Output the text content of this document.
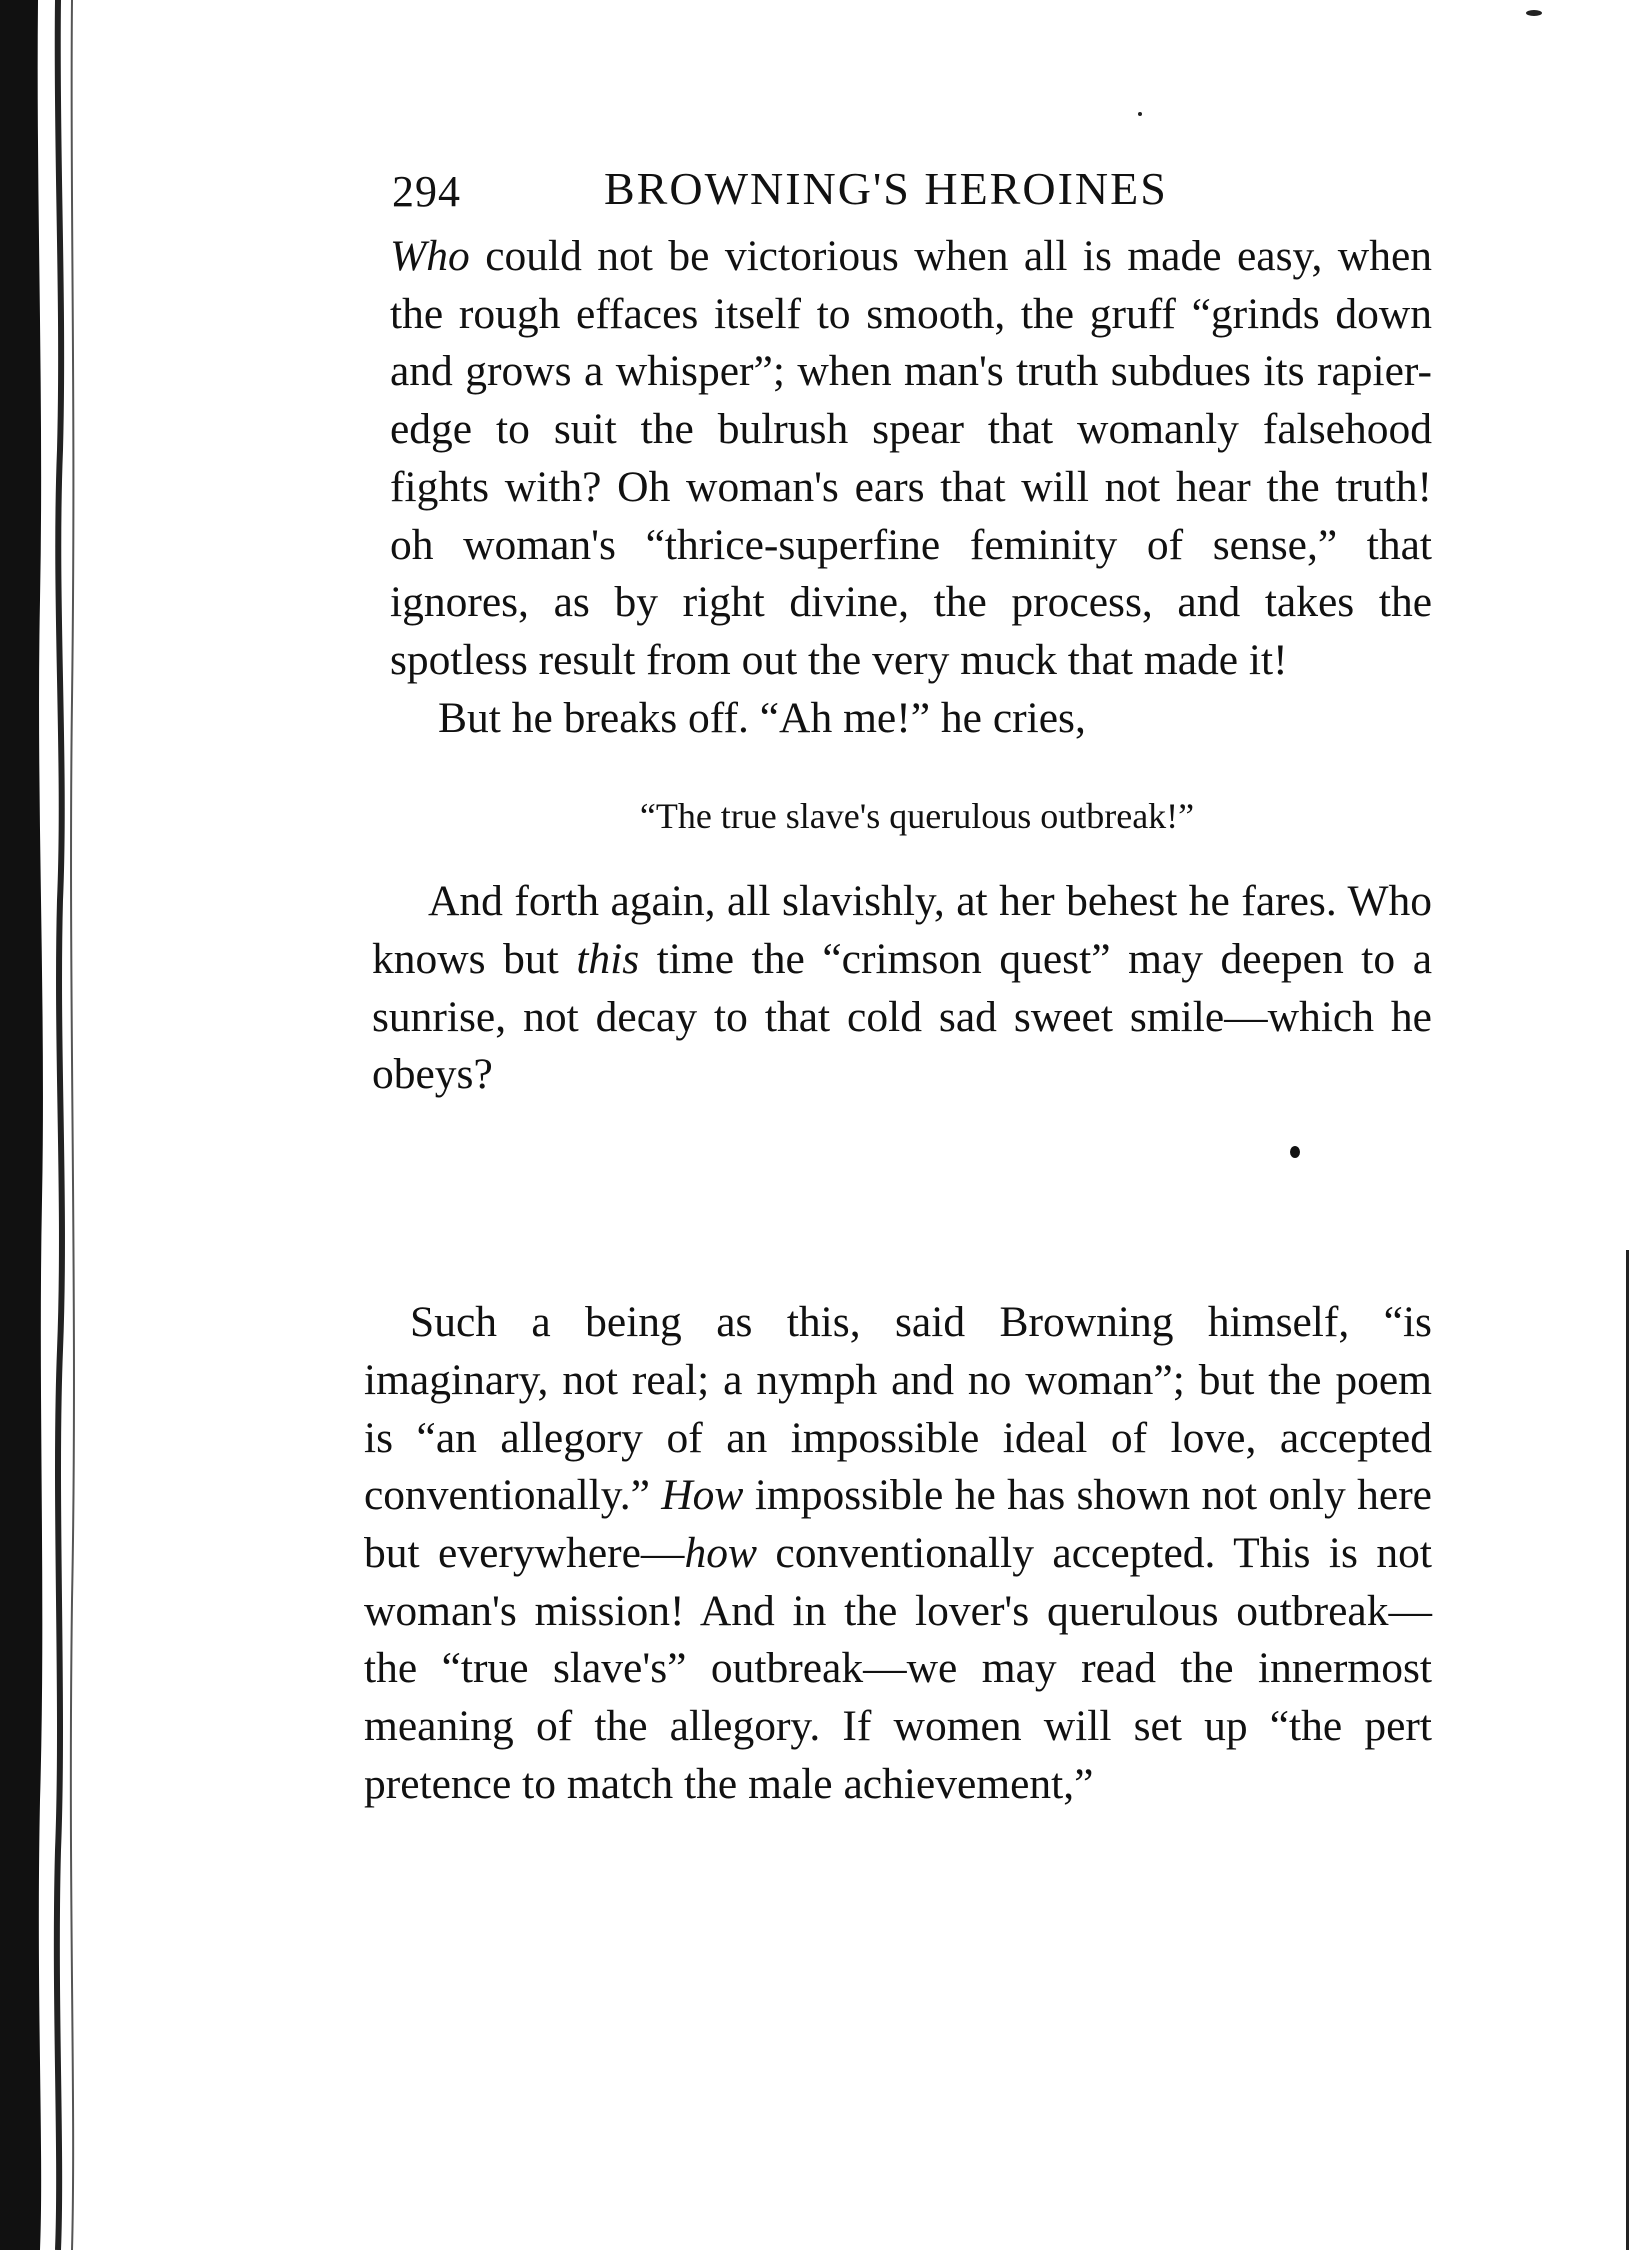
294	BROWNING'S HEROINES

Who could not be victorious when all is made easy, when the rough effaces itself to smooth, the gruff “grinds down and grows a whisper”; when man's truth subdues its rapier-edge to suit the bulrush spear that womanly falsehood fights with? Oh woman's ears that will not hear the truth! oh woman's “thrice-superfine feminity of sense,” that ignores, as by right divine, the process, and takes the spotless result from out the very muck that made it!

But he breaks off. “Ah me!” he cries,

“The true slave's querulous outbreak!”

And forth again, all slavishly, at her behest he fares. Who knows but this time the “crimson quest” may deepen to a sunrise, not decay to that cold sad sweet smile—which he obeys?

Such a being as this, said Browning himself, “is imaginary, not real; a nymph and no woman”; but the poem is “an allegory of an impossible ideal of love, accepted conventionally.” How impossible he has shown not only here but everywhere—how conventionally accepted. This is not woman's mission! And in the lover's querulous outbreak—the “true slave's” outbreak—we may read the innermost meaning of the allegory. If women will set up “the pert pretence to match the male achievement,”
